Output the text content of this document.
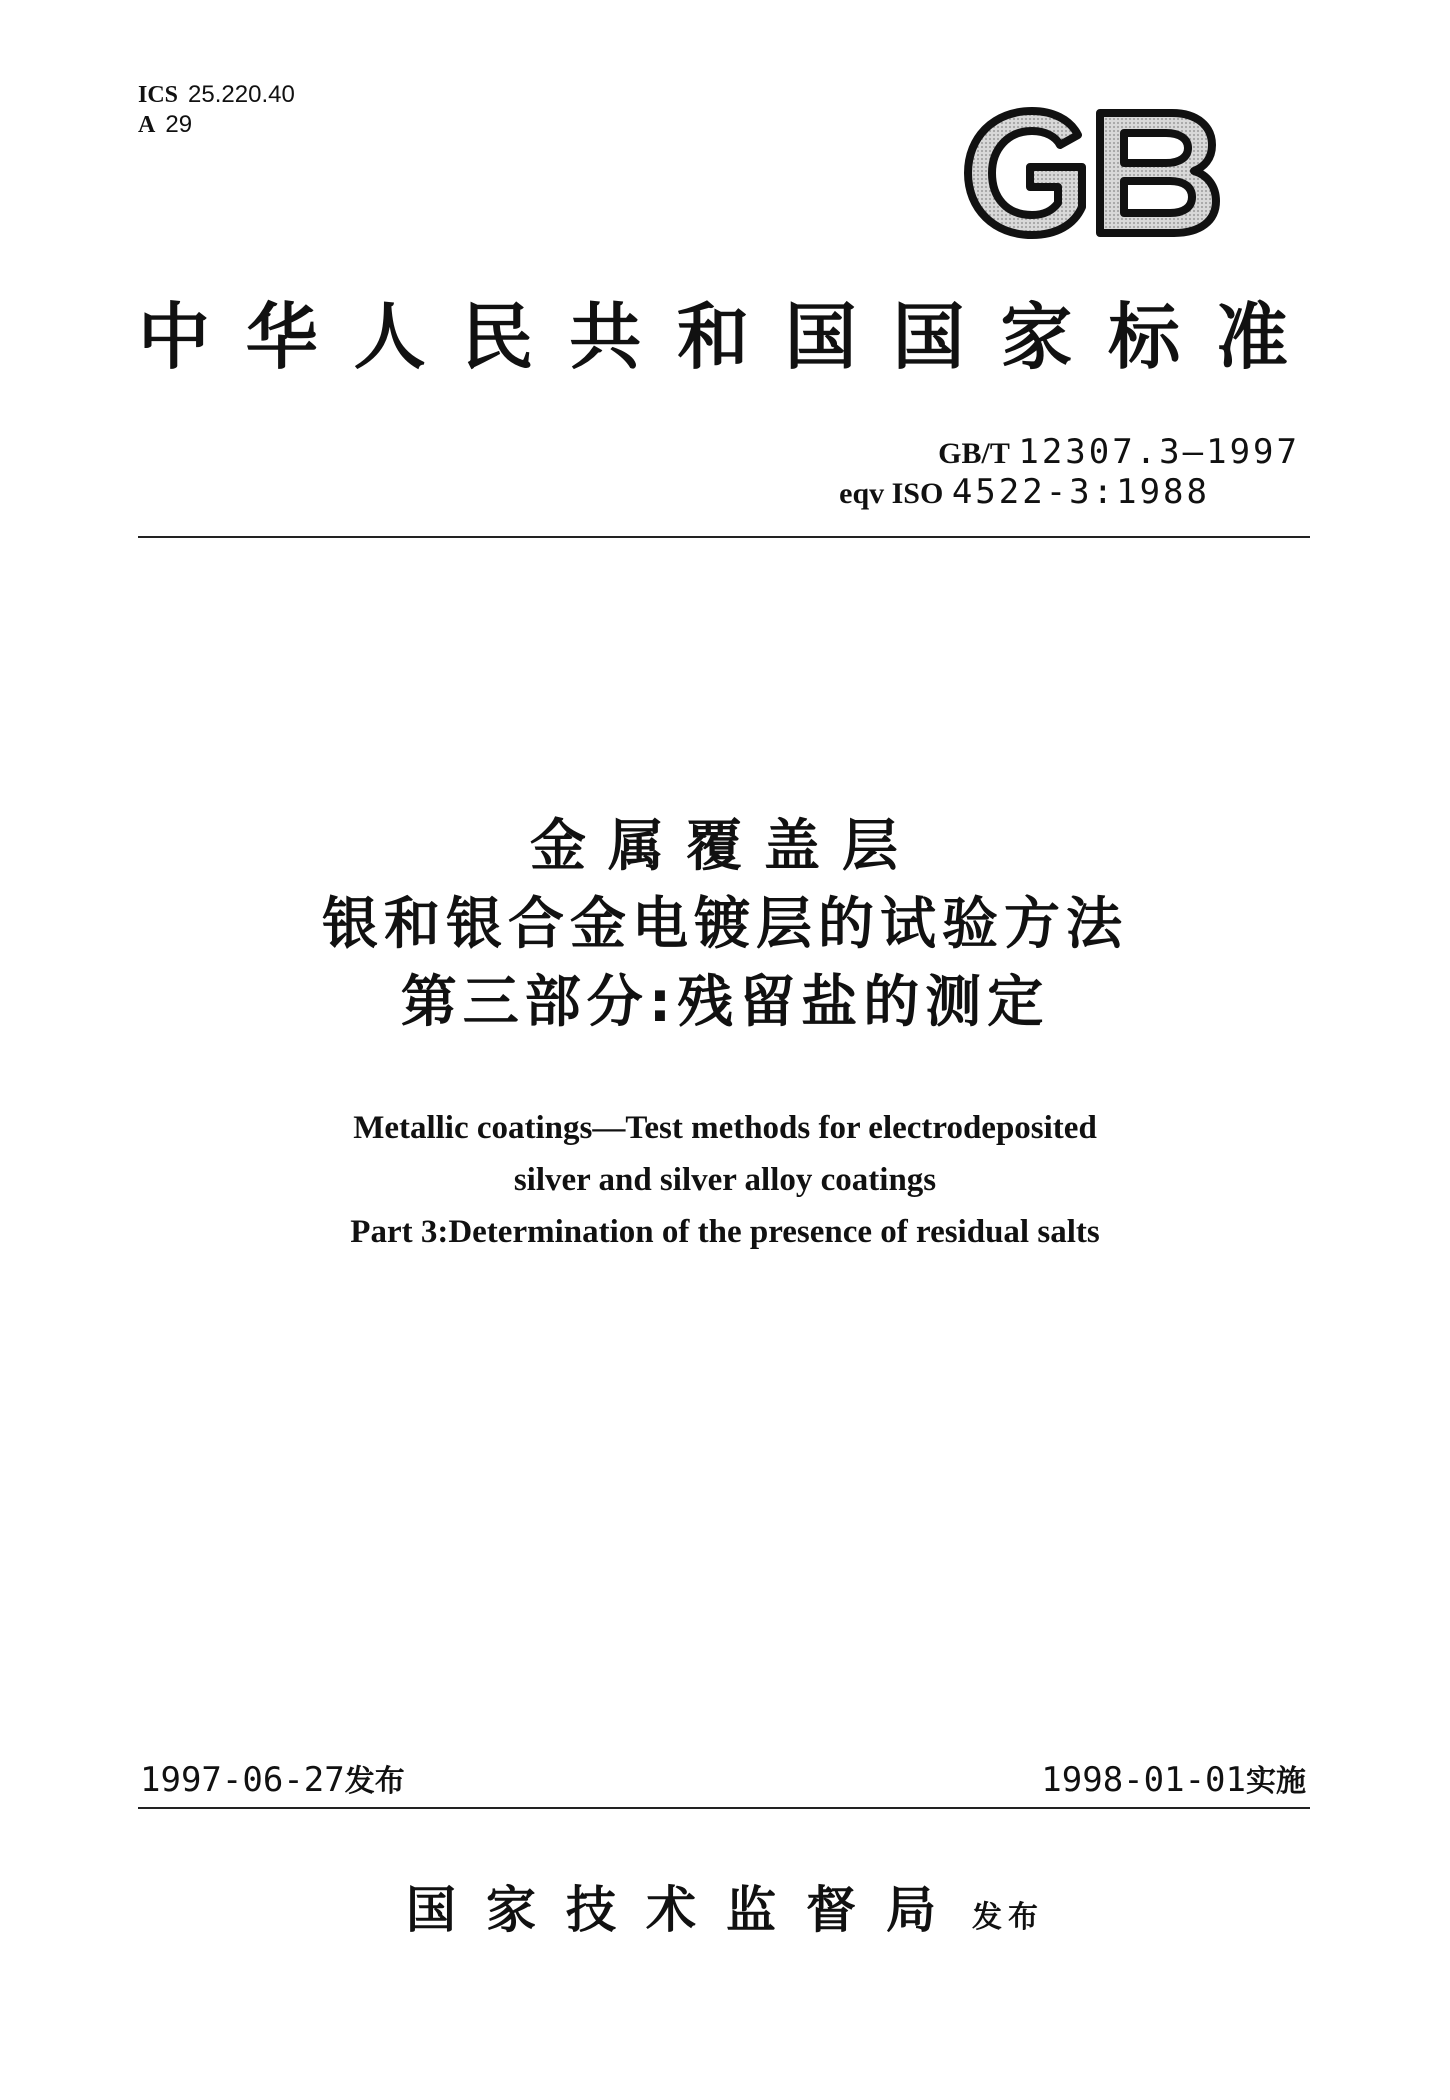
ICS 25.220.40
A 29
中华人民共和国国家标准
GB/T 12307.3—1997
eqv ISO 4522-3:1988
金属覆盖层
银和银合金电镀层的试验方法
第三部分:残留盐的测定
Metallic coatings—Test methods for electrodeposited
silver and silver alloy coatings
Part 3:Determination of the presence of residual salts
1997-06-27发布	1998-01-01实施
国家技术监督局 发布
